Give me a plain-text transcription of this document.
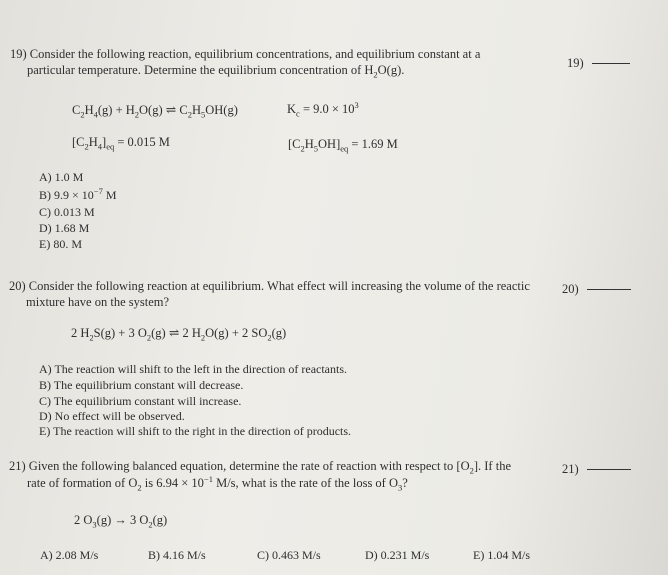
19) Consider the following reaction, equilibrium concentrations, and equilibrium constant at a
particular temperature. Determine the equilibrium concentration of $H_2O(g)$.	19)
$C_2H_4(g) + H_2O(g)$ ⇌ $C_2H_5OH(g)$	$K_c = 9.0 \times 10^3$
$[C_2H_4]_{eq} = 0.015$ M	$[C_2H_5OH]_{eq} = 1.69$ M
A) 1.0 M
B) $9.9 \times 10^{-7}$ M
C) 0.013 M
D) 1.68 M
E) 80. M
20) Consider the following reaction at equilibrium. What effect will increasing the volume of the reactic
mixture have on the system?
20)
2 $H_2S(g) + 3$ $O_2(g)$ ⇌ 2 $H_2O(g) + 2$ $SO_2(g)$
A) The reaction will shift to the left in the direction of reactants.
B) The equilibrium constant will decrease.
C) The equilibrium constant will increase.
D) No effect will be observed.
E) The reaction will shift to the right in the direction of products.
21) Given the following balanced equation, determine the rate of reaction with respect to $[O_2]$. If the
rate of formation of $O_2$ is $6.94 \times 10^{-1}$ M/s, what is the rate of the loss of $O_3$?
21)
2 $O_3(g) \to 3$ $O_2(g)$
A) 2.08 M/s	B) 4.16 M/s	C) 0.463 M/s	D) 0.231 M/s	E) 1.04 M/s
